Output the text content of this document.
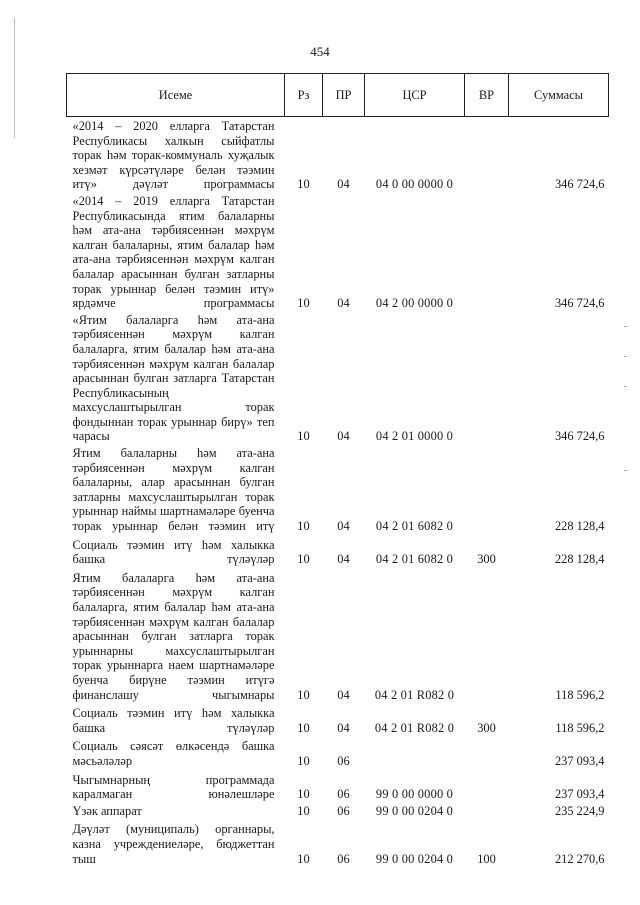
454
Исеме	Рз	ПР	ЦСР	ВР	Суммасы
«2014 – 2020 елларга Татарстан Республикасы халкын сыйфатлы торак һәм торак-коммуналь хуҗалык хезмәт күрсәтүләре белән тәэмин итү» дәүләт программасы	10	04	04 0 00 0000 0		346 724,6
«2014 – 2019 елларга Татарстан Республикасында ятим балаларны һәм ата-ана тәрбиясеннән мәхрүм калган балаларны, ятим балалар һәм ата-ана тәрбиясеннән мәхрүм калган балалар арасыннан булган затларны торак урыннар белән тәэмин итү» ярдәмче программасы	10	04	04 2 00 0000 0		346 724,6
«Ятим балаларга һәм ата-ана тәрбиясеннән мәхрүм калган балаларга, ятим балалар һәм ата-ана тәрбиясеннән мәхрүм калган балалар арасыннан булган затларга Татарстан Республикасының махсуслаштырылган торак фондыннан торак урыннар бирү» теп чарасы	10	04	04 2 01 0000 0		346 724,6
Ятим балаларны һәм ата-ана тәрбиясеннән мәхрүм калган балаларны, алар арасыннан булган затларны махсуслаштырылган торак урыннар наймы шартнамәләре буенча торак урыннар белән тәэмин итү	10	04	04 2 01 6082 0		228 128,4

Социаль тәэмин итү һәм халыкка башка түләүләр	10	04	04 2 01 6082 0	300	228 128,4

Ятим балаларга һәм ата-ана тәрбиясеннән мәхрүм калган балаларга, ятим балалар һәм ата-ана тәрбиясеннән мәхрүм калган балалар арасыннан булган затларга торак урыннарны махсуслаштырылган торак урыннарга наем шартнамәләре буенча бирүне тәэмин итүгә финанслашу чыгымнары	10	04	04 2 01 R082 0		118 596,2

Социаль тәэмин итү һәм халыкка башка түләүләр	10	04	04 2 01 R082 0	300	118 596,2

Социаль сәясәт өлкәсендә башка мәсьәләләр	10	06			237 093,4

Чыгымнарның программада каралмаган юнәлешләре	10	06	99 0 00 0000 0		237 093,4
Үзәк аппарат	10	06	99 0 00 0204 0		235 224,9

Дәүләт (муниципаль) органнары, казна учреждениеләре, бюджеттан тыш	10	06	99 0 00 0204 0	100	212 270,6
